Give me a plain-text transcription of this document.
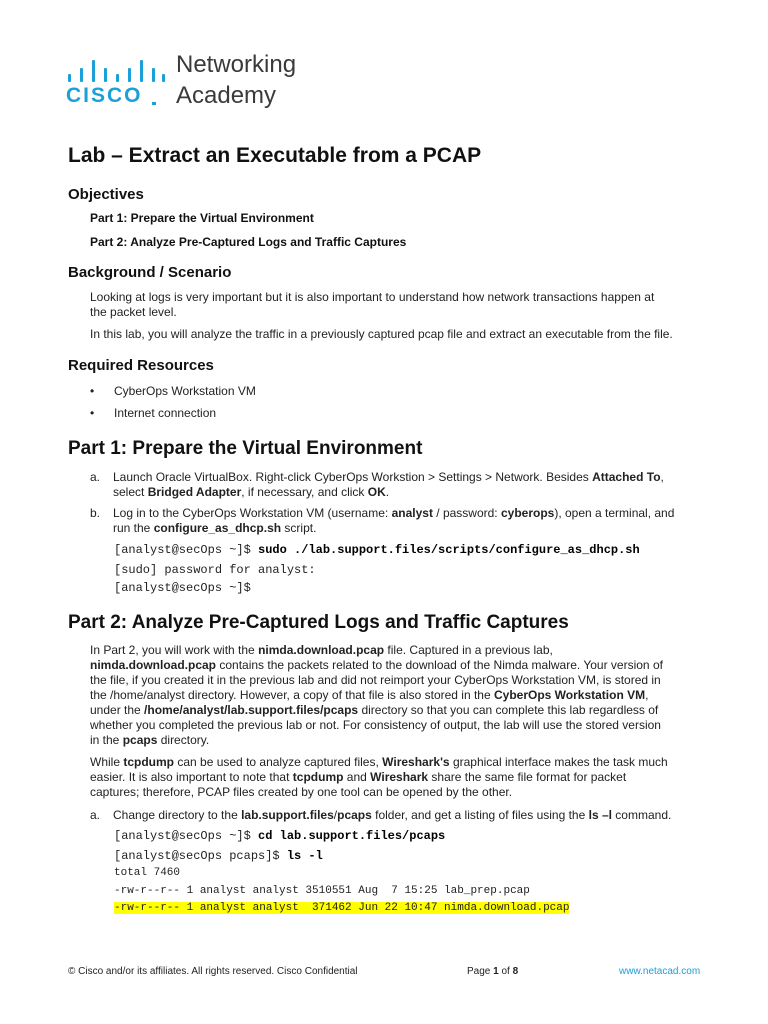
CISCO
Networking
Academy
Lab – Extract an Executable from a PCAP
Objectives

Part 1: Prepare the Virtual Environment

Part 2: Analyze Pre-Captured Logs and Traffic Captures

Background / Scenario
Looking at logs is very important but it is also important to understand how network transactions happen at
the packet level.

In this lab, you will analyze the traffic in a previously captured pcap file and extract an executable from the file.

Required Resources
• CyberOps Workstation VM
• Internet connection
Part 1: Prepare the Virtual Environment
a. Launch Oracle VirtualBox. Right-click CyberOps Workstion > Settings > Network. Besides Attached To,
select Bridged Adapter, if necessary, and click OK.
b. Log in to the CyberOps Workstation VM (username: analyst / password: cyberops), open a terminal, and
run the configure_as_dhcp.sh script.
[analyst@secOps ~]$ sudo ./lab.support.files/scripts/configure_as_dhcp.sh
[sudo] password for analyst:
[analyst@secOps ~]$
Part 2: Analyze Pre-Captured Logs and Traffic Captures
In Part 2, you will work with the nimda.download.pcap file. Captured in a previous lab,
nimda.download.pcap contains the packets related to the download of the Nimda malware. Your version of
the file, if you created it in the previous lab and did not reimport your CyberOps Workstation VM, is stored in
the /home/analyst directory. However, a copy of that file is also stored in the CyberOps Workstation VM,
under the /home/analyst/lab.support.files/pcaps directory so that you can complete this lab regardless of
whether you completed the previous lab or not. For consistency of output, the lab will use the stored version
in the pcaps directory.
While tcpdump can be used to analyze captured files, Wireshark's graphical interface makes the task much
easier. It is also important to note that tcpdump and Wireshark share the same file format for packet
captures; therefore, PCAP files created by one tool can be opened by the other.
a. Change directory to the lab.support.files/pcaps folder, and get a listing of files using the ls –l command.
[analyst@secOps ~]$ cd lab.support.files/pcaps
[analyst@secOps pcaps]$ ls -l
total 7460
-rw-r--r-- 1 analyst analyst 3510551 Aug  7 15:25 lab_prep.pcap
-rw-r--r-- 1 analyst analyst  371462 Jun 22 10:47 nimda.download.pcap
© Cisco and/or its affiliates. All rights reserved. Cisco Confidential	Page 1 of 8	www.netacad.com
